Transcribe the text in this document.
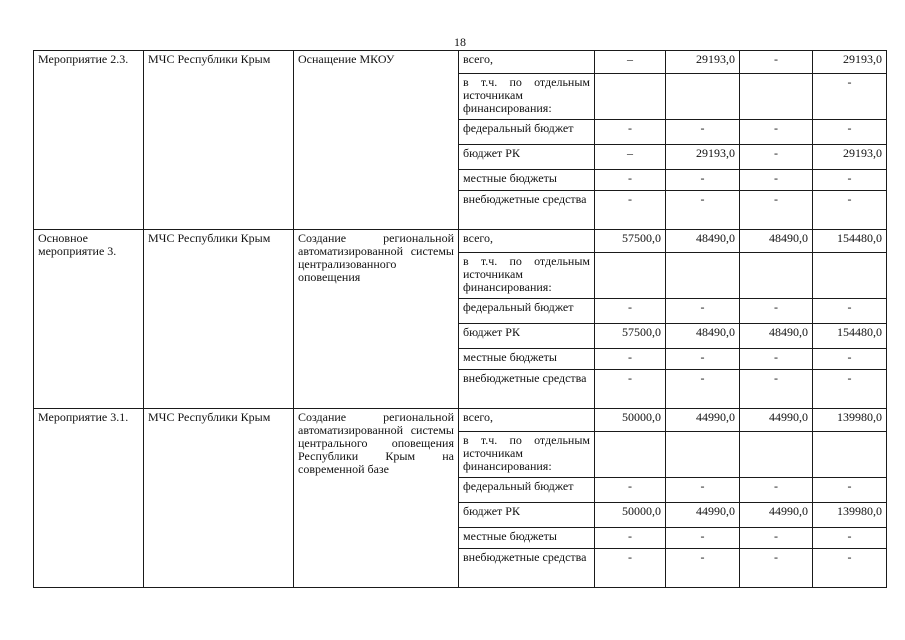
18
Мероприятие 2.3.	МЧС Республики Крым	Оснащение МКОУ	всего,	–	29193,0	-	29193,0
			в т.ч. по отдельным источникам финансирования:				-
			федеральный бюджет	-	-	-	-
			бюджет РК	–	29193,0	-	29193,0
			местные бюджеты	-	-	-	-
			внебюджетные средства	-	-	-	-
Основное мероприятие 3.	МЧС Республики Крым	Создание региональной автоматизированной системы централизованного оповещения	всего,	57500,0	48490,0	48490,0	154480,0
			в т.ч. по отдельным источникам финансирования:				
			федеральный бюджет	-	-	-	-
			бюджет РК	57500,0	48490,0	48490,0	154480,0
			местные бюджеты	-	-	-	-
			внебюджетные средства	-	-	-	-
Мероприятие 3.1.	МЧС Республики Крым	Создание региональной автоматизированной системы центрального оповещения Республики Крым на современной базе	всего,	50000,0	44990,0	44990,0	139980,0
			в т.ч. по отдельным источникам финансирования:				
			федеральный бюджет	-	-	-	-
			бюджет РК	50000,0	44990,0	44990,0	139980,0
			местные бюджеты	-	-	-	-
			внебюджетные средства	-	-	-	-
